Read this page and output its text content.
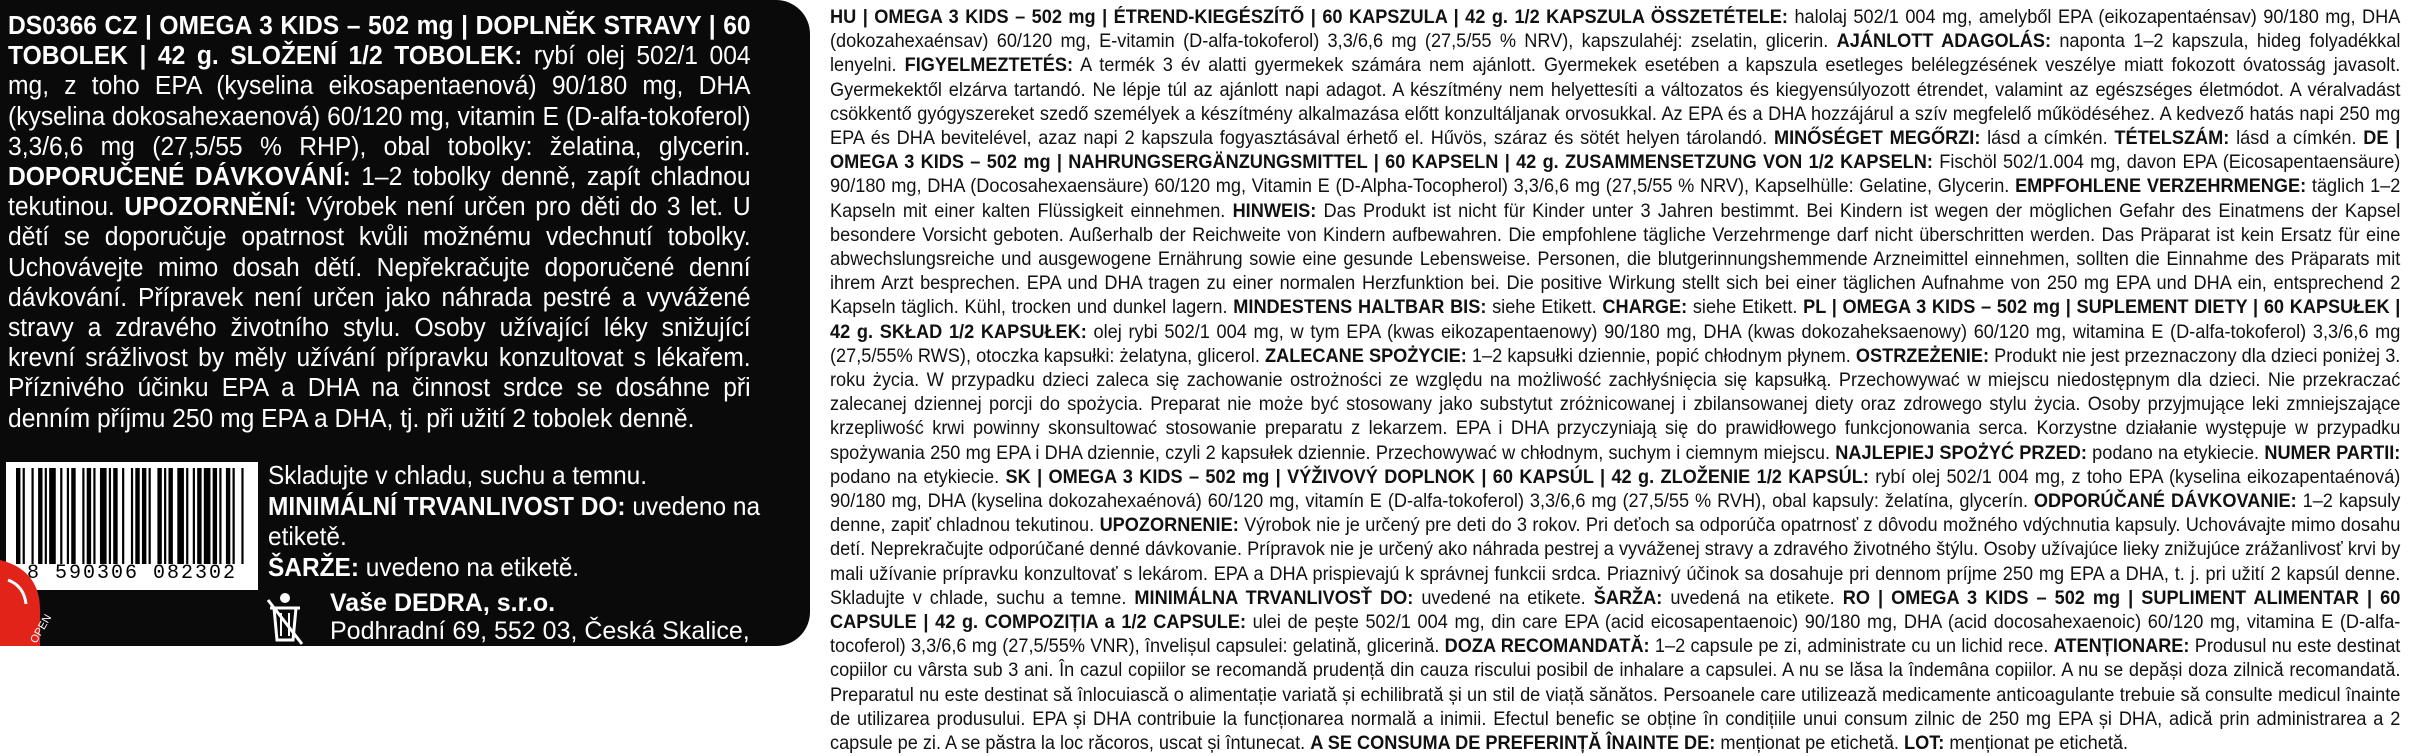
DS0366 CZ | OMEGA 3 KIDS – 502 mg | DOPLNĚK STRAVY | 60 TOBOLEK | 42 g. SLOŽENÍ 1/2 TOBOLEK: rybí olej 502/1 004 mg, z toho EPA (kyselina eikosapentaenová) 90/180 mg, DHA (kyselina dokosahexaenová) 60/120 mg, vitamin E (D-alfa-tokoferol) 3,3/6,6 mg (27,5/55 % RHP), obal tobolky: želatina, glycerin. DOPORUČENÉ DÁVKOVÁNÍ: 1–2 tobolky denně, zapít chladnou tekutinou. UPOZORNĚNÍ: Výrobek není určen pro děti do 3 let. U dětí se doporučuje opatrnost kvůli možnému vdechnutí tobolky. Uchovávejte mimo dosah dětí. Nepřekračujte doporučené denní dávkování. Přípravek není určen jako náhrada pestré a vyvážené stravy a zdravého životního stylu. Osoby užívající léky snižující krevní srážlivost by měly užívání přípravku konzultovat s lékařem. Příznivého účinku EPA a DHA na činnost srdce se dosáhne při denním příjmu 250 mg EPA a DHA, tj. při užití 2 tobolek denně.
Skladujte v chladu, suchu a temnu. MINIMÁLNÍ TRVANLIVOST DO: uvedeno na etiketě.
ŠARŽE: uvedeno na etiketě.
8 590306 082302
Vaše DEDRA, s.r.o.
Podhradní 69, 552 03, Česká Skalice, Česká republika
OPEN
HU | OMEGA 3 KIDS – 502 mg | ÉTREND-KIEGÉSZÍTŐ | 60 KAPSZULA | 42 g. 1/2 KAPSZULA ÖSSZETÉTELE: halolaj 502/1 004 mg, amelyből EPA (eikozapentaénsav) 90/180 mg, DHA (dokozahexaénsav) 60/120 mg, E-vitamin (D-alfa-tokoferol) 3,3/6,6 mg (27,5/55 % NRV), kapszulahéj: zselatin, glicerin. AJÁNLOTT ADAGOLÁS: naponta 1–2 kapszula, hideg folyadékkal lenyelni. FIGYELMEZTETÉS: A termék 3 év alatti gyermekek számára nem ajánlott. Gyermekek esetében a kapszula esetleges belélegzésének veszélye miatt fokozott óvatosság javasolt. Gyermekektől elzárva tartandó. Ne lépje túl az ajánlott napi adagot. A készítmény nem helyettesíti a változatos és kiegyensúlyozott étrendet, valamint az egészséges életmódot. A véralvadást csökkentő gyógyszereket szedő személyek a készítmény alkalmazása előtt konzultáljanak orvosukkal. Az EPA és a DHA hozzájárul a szív megfelelő működéséhez. A kedvező hatás napi 250 mg EPA és DHA bevitelével, azaz napi 2 kapszula fogyasztásával érhető el. Hűvös, száraz és sötét helyen tárolandó. MINŐSÉGET MEGŐRZI: lásd a címkén. TÉTELSZÁM: lásd a címkén. DE | OMEGA 3 KIDS – 502 mg | NAHRUNGSERGÄNZUNGSMITTEL | 60 KAPSELN | 42 g. ZUSAMMENSETZUNG VON 1/2 KAPSELN: Fischöl 502/1.004 mg, davon EPA (Eicosapentaensäure) 90/180 mg, DHA (Docosahexaensäure) 60/120 mg, Vitamin E (D-Alpha-Tocopherol) 3,3/6,6 mg (27,5/55 % NRV), Kapselhülle: Gelatine, Glycerin. EMPFOHLENE VERZEHRMENGE: täglich 1–2 Kapseln mit einer kalten Flüssigkeit einnehmen. HINWEIS: Das Produkt ist nicht für Kinder unter 3 Jahren bestimmt. Bei Kindern ist wegen der möglichen Gefahr des Einatmens der Kapsel besondere Vorsicht geboten. Außerhalb der Reichweite von Kindern aufbewahren. Die empfohlene tägliche Verzehrmenge darf nicht überschritten werden. Das Präparat ist kein Ersatz für eine abwechslungsreiche und ausgewogene Ernährung sowie eine gesunde Lebensweise. Personen, die blutgerinnungshemmende Arzneimittel einnehmen, sollten die Einnahme des Präparats mit ihrem Arzt besprechen. EPA und DHA tragen zu einer normalen Herzfunktion bei. Die positive Wirkung stellt sich bei einer täglichen Aufnahme von 250 mg EPA und DHA ein, entsprechend 2 Kapseln täglich. Kühl, trocken und dunkel lagern. MINDESTENS HALTBAR BIS: siehe Etikett. CHARGE: siehe Etikett. PL | OMEGA 3 KIDS – 502 mg | SUPLEMENT DIETY | 60 KAPSUŁEK | 42 g. SKŁAD 1/2 KAPSUŁEK: olej rybi 502/1 004 mg, w tym EPA (kwas eikozapentaenowy) 90/180 mg, DHA (kwas dokozaheksaenowy) 60/120 mg, witamina E (D-alfa-tokoferol) 3,3/6,6 mg (27,5/55% RWS), otoczka kapsułki: żelatyna, glicerol. ZALECANE SPOŻYCIE: 1–2 kapsułki dziennie, popić chłodnym płynem. OSTRZEŻENIE: Produkt nie jest przeznaczony dla dzieci poniżej 3. roku życia. W przypadku dzieci zaleca się zachowanie ostrożności ze względu na możliwość zachłyśnięcia się kapsułką. Przechowywać w miejscu niedostępnym dla dzieci. Nie przekraczać zalecanej dziennej porcji do spożycia. Preparat nie może być stosowany jako substytut zróżnicowanej i zbilansowanej diety oraz zdrowego stylu życia. Osoby przyjmujące leki zmniejszające krzepliwość krwi powinny skonsultować stosowanie preparatu z lekarzem. EPA i DHA przyczyniają się do prawidłowego funkcjonowania serca. Korzystne działanie występuje w przypadku spożywania 250 mg EPA i DHA dziennie, czyli 2 kapsułek dziennie. Przechowywać w chłodnym, suchym i ciemnym miejscu. NAJLEPIEJ SPOŻYĆ PRZED: podano na etykiecie. NUMER PARTII: podano na etykiecie. SK | OMEGA 3 KIDS – 502 mg | VÝŽIVOVÝ DOPLNOK | 60 KAPSÚL | 42 g. ZLOŽENIE 1/2 KAPSÚL: rybí olej 502/1 004 mg, z toho EPA (kyselina eikozapentaénová) 90/180 mg, DHA (kyselina dokozahexaénová) 60/120 mg, vitamín E (D-alfa-tokoferol) 3,3/6,6 mg (27,5/55 % RVH), obal kapsuly: želatína, glycerín. ODPORÚČANÉ DÁVKOVANIE: 1–2 kapsuly denne, zapiť chladnou tekutinou. UPOZORNENIE: Výrobok nie je určený pre deti do 3 rokov. Pri deťoch sa odporúča opatrnosť z dôvodu možného vdýchnutia kapsuly. Uchovávajte mimo dosahu detí. Neprekračujte odporúčané denné dávkovanie. Prípravok nie je určený ako náhrada pestrej a vyváženej stravy a zdravého životného štýlu. Osoby užívajúce lieky znižujúce zrážanlivosť krvi by mali užívanie prípravku konzultovať s lekárom. EPA a DHA prispievajú k správnej funkcii srdca. Priaznivý účinok sa dosahuje pri dennom príjme 250 mg EPA a DHA, t. j. pri užití 2 kapsúl denne. Skladujte v chlade, suchu a temne. MINIMÁLNA TRVANLIVOSŤ DO: uvedené na etikete. ŠARŽA: uvedená na etikete. RO | OMEGA 3 KIDS – 502 mg | SUPLIMENT ALIMENTAR | 60 CAPSULE | 42 g. COMPOZIȚIA a 1/2 CAPSULE: ulei de pește 502/1 004 mg, din care EPA (acid eicosapentaenoic) 90/180 mg, DHA (acid docosahexaenoic) 60/120 mg, vitamina E (D-alfa-tocoferol) 3,3/6,6 mg (27,5/55% VNR), învelișul capsulei: gelatină, glicerină. DOZA RECOMANDATĂ: 1–2 capsule pe zi, administrate cu un lichid rece. ATENȚIONARE: Produsul nu este destinat copiilor cu vârsta sub 3 ani. În cazul copiilor se recomandă prudență din cauza riscului posibil de inhalare a capsulei. A nu se lăsa la îndemâna copiilor. A nu se depăși doza zilnică recomandată. Preparatul nu este destinat să înlocuiască o alimentație variată și echilibrată și un stil de viață sănătos. Persoanele care utilizează medicamente anticoagulante trebuie să consulte medicul înainte de utilizarea produsului. EPA și DHA contribuie la funcționarea normală a inimii. Efectul benefic se obține în condițiile unui consum zilnic de 250 mg EPA și DHA, adică prin administrarea a 2 capsule pe zi. A se păstra la loc răcoros, uscat și întunecat. A SE CONSUMA DE PREFERINȚĂ ÎNAINTE DE: menționat pe etichetă. LOT: menționat pe etichetă.
